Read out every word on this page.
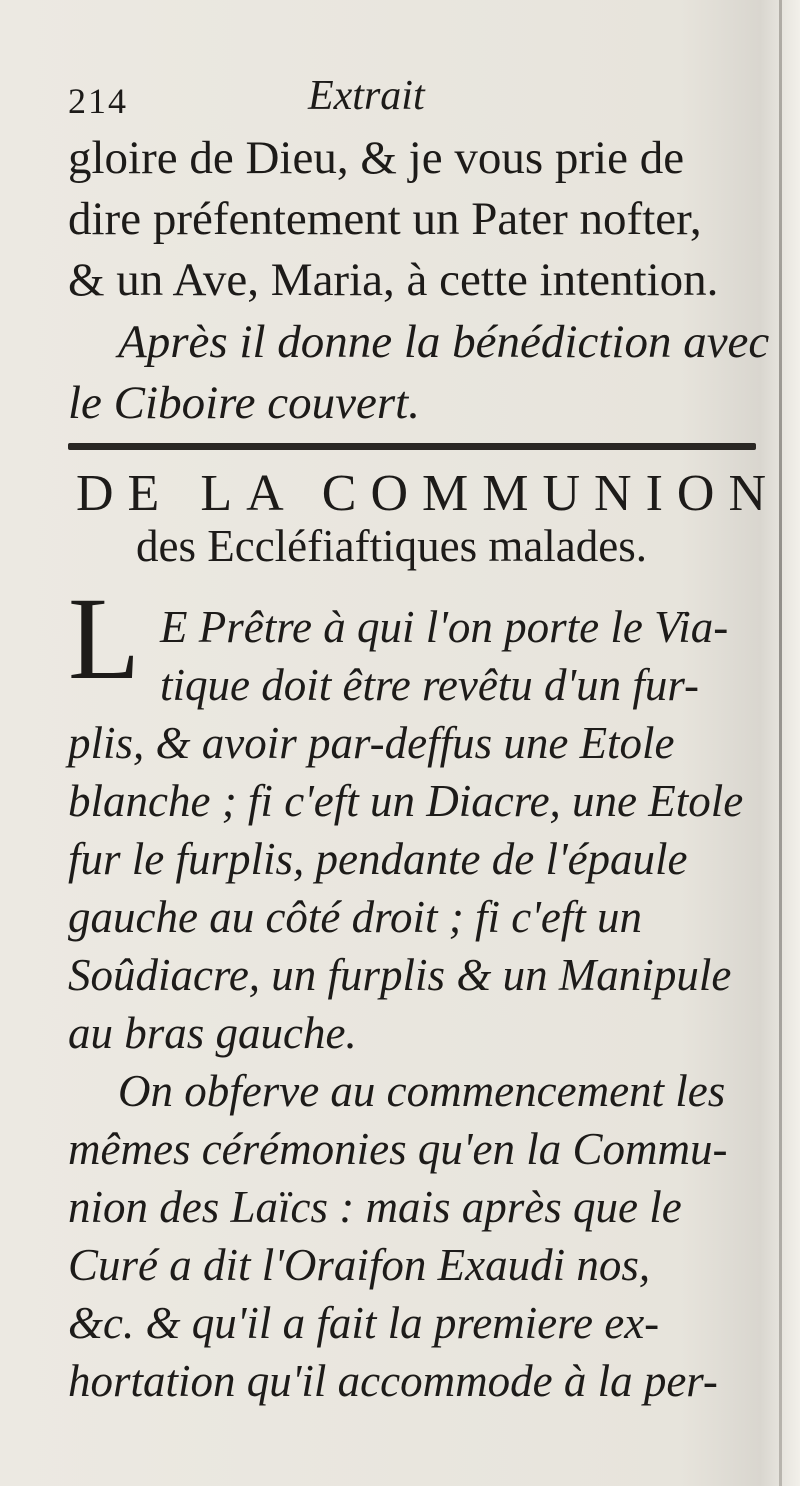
214	Extrait
gloire de Dieu, & je vous prie de
dire préfentement un Pater nofter,
& un Ave, Maria, à cette intention.
Après il donne la bénédiction avec
le Ciboire couvert.
DE LA COMMUNION
des Eccléfiaftiques malades.
L E Prêtre à qui l'on porte le Via-
tique doit être revêtu d'un fur-
plis, & avoir par-deffus une Etole
blanche ; fi c'eft un Diacre, une Etole
fur le furplis, pendante de l'épaule
gauche au côté droit ; fi c'eft un
Soûdiacre, un furplis & un Manipule
au bras gauche.
On obferve au commencement les
mêmes cérémonies qu'en la Commu-
nion des Laïcs : mais après que le
Curé a dit l'Oraifon Exaudi nos,
&c. & qu'il a fait la premiere ex-
hortation qu'il accommode à la per-
